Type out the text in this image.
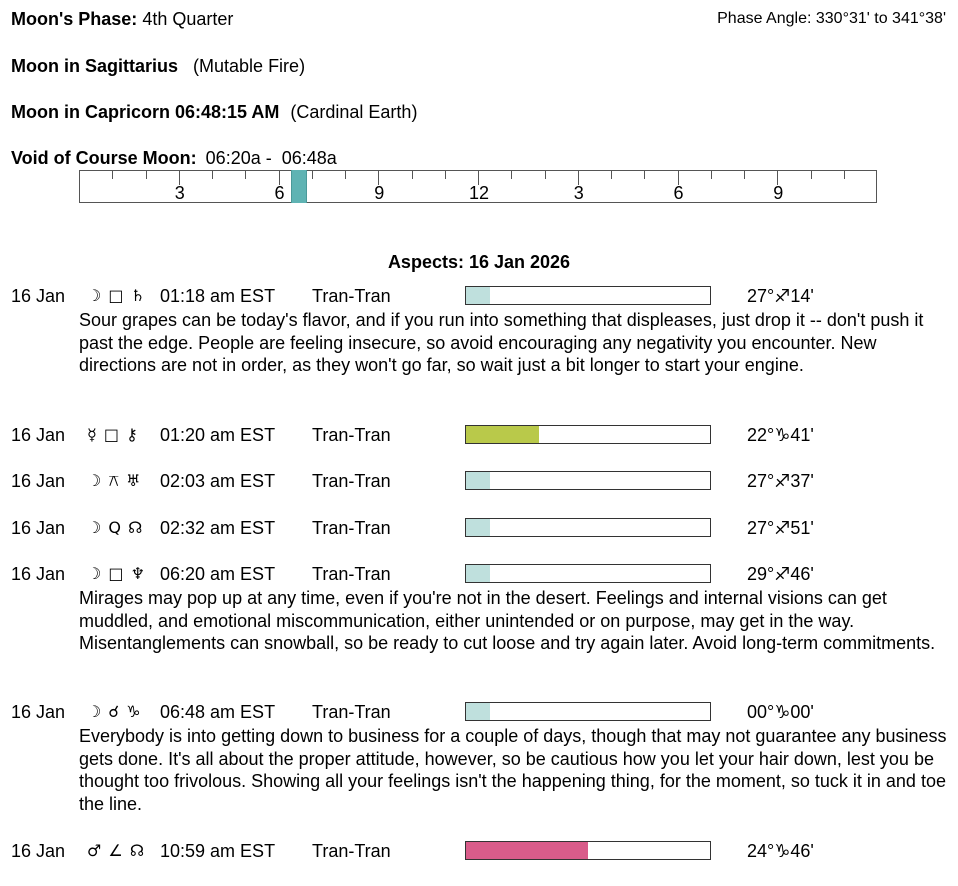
Moon's Phase: 4th Quarter	Phase Angle: 330°31' to 341°38'
Moon in Sagittarius (Mutable Fire)
Moon in Capricorn 06:48:15 AM (Cardinal Earth)
Void of Course Moon: 06:20a -  06:48a
3	6	9	12	3	6	9
Aspects: 16 Jan 2026
16 Jan ☽ □ ♄ 01:18 am EST Tran-Tran	27°♐14'
Sour grapes can be today's flavor, and if you run into something that displeases, just drop it -- don't push it past the edge. People are feeling insecure, so avoid encouraging any negativity you encounter. New directions are not in order, as they won't go far, so wait just a bit longer to start your engine.
16 Jan ☿ □ ⚷ 01:20 am EST Tran-Tran	22°♑41'
16 Jan ☽ ⚻ ♅ 02:03 am EST Tran-Tran	27°♐37'
16 Jan ☽ Q ☊ 02:32 am EST Tran-Tran	27°♐51'
16 Jan ☽ □ ♆ 06:20 am EST Tran-Tran	29°♐46'
Mirages may pop up at any time, even if you're not in the desert. Feelings and internal visions can get muddled, and emotional miscommunication, either unintended or on purpose, may get in the way. Misentanglements can snowball, so be ready to cut loose and try again later. Avoid long-term commitments.
16 Jan ☽ ☌ ♑ 06:48 am EST Tran-Tran	00°♑00'
Everybody is into getting down to business for a couple of days, though that may not guarantee any business gets done. It's all about the proper attitude, however, so be cautious how you let your hair down, lest you be thought too frivolous. Showing all your feelings isn't the happening thing, for the moment, so tuck it in and toe the line.
16 Jan ♂ ∠ ☊ 10:59 am EST Tran-Tran	24°♑46'
